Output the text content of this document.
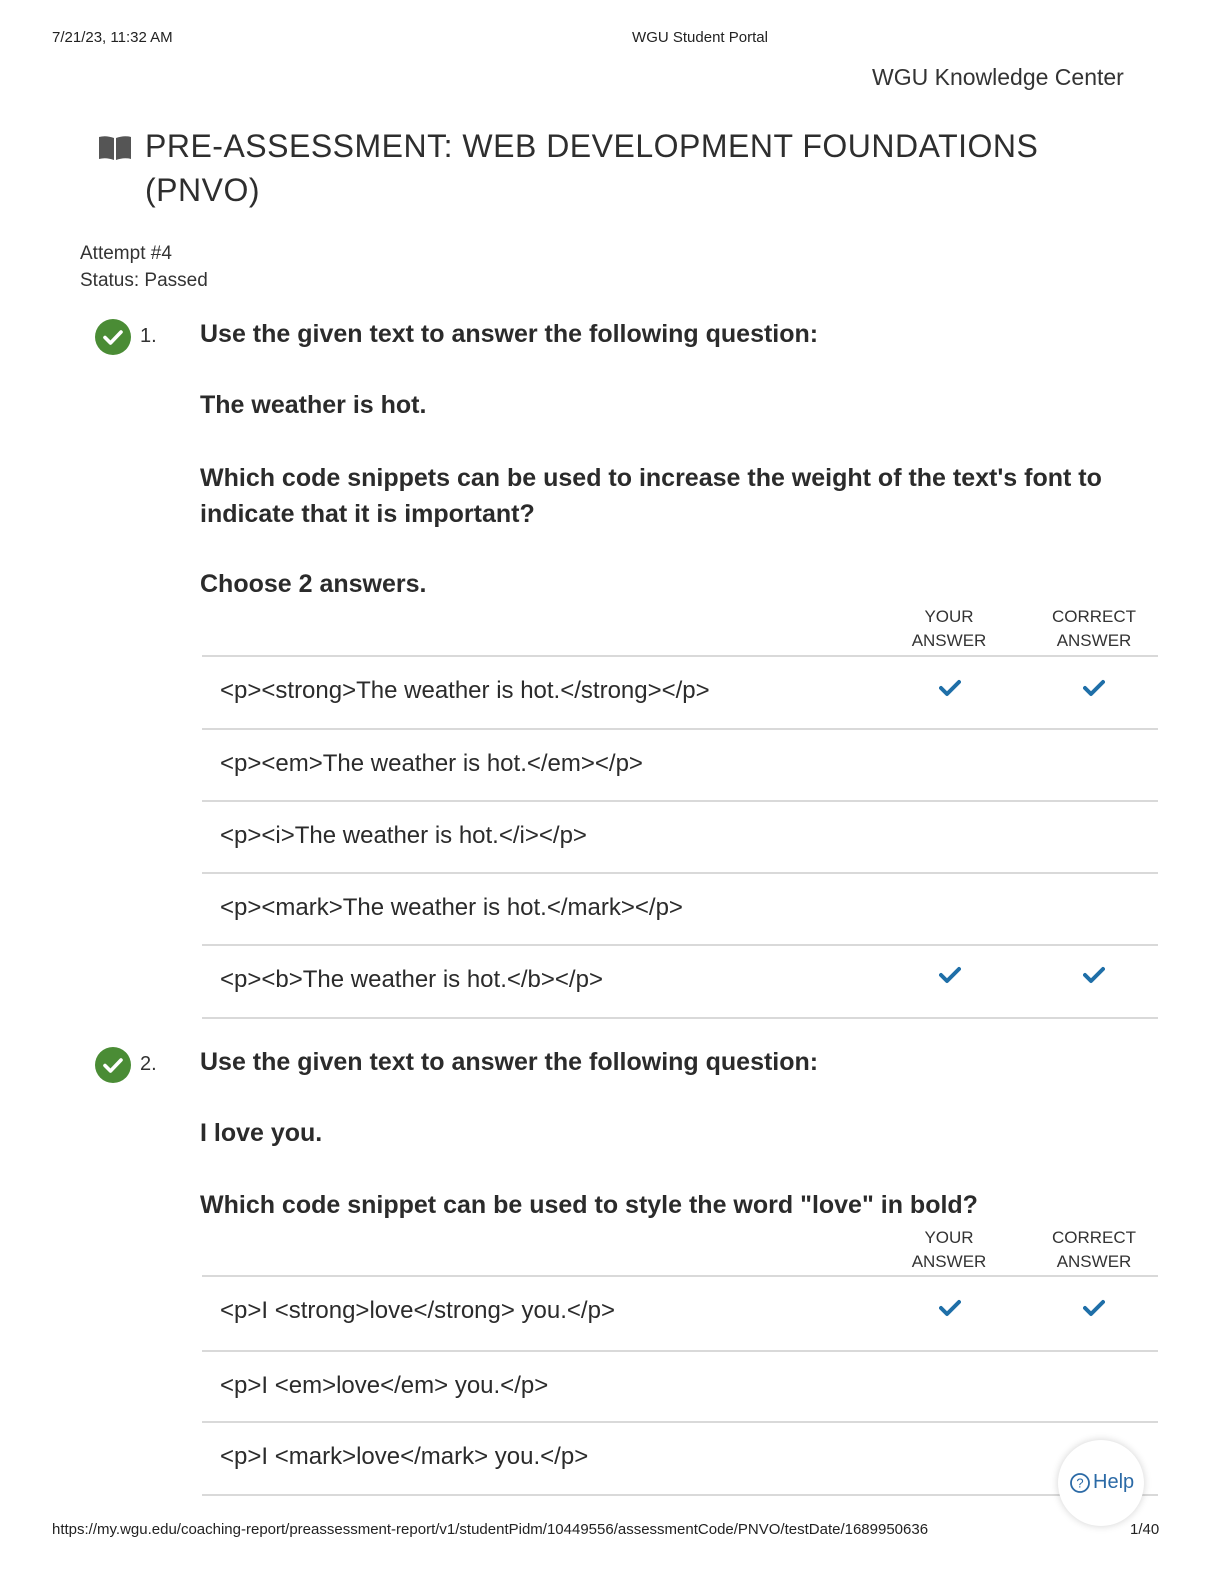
7/21/23, 11:32 AM	WGU Student Portal
WGU Knowledge Center
PRE-ASSESSMENT: WEB DEVELOPMENT FOUNDATIONS
(PNVO)
Attempt #4
Status: Passed
1. Use the given text to answer the following question:
The weather is hot.
Which code snippets can be used to increase the weight of the text's font to indicate that it is important?
Choose 2 answers.
YOUR
ANSWER
CORRECT
ANSWER
<p><strong>The weather is hot.</strong></p>
<p><em>The weather is hot.</em></p>
<p><i>The weather is hot.</i></p>
<p><mark>The weather is hot.</mark></p>
<p><b>The weather is hot.</b></p>
2. Use the given text to answer the following question:
I love you.
Which code snippet can be used to style the word "love" in bold?
YOUR
ANSWER
CORRECT
ANSWER
<p>I <strong>love</strong> you.</p>
<p>I <em>love</em> you.</p>
<p>I <mark>love</mark> you.</p>
? Help
https://my.wgu.edu/coaching-report/preassessment-report/v1/studentPidm/10449556/assessmentCode/PNVO/testDate/1689950636	1/40
